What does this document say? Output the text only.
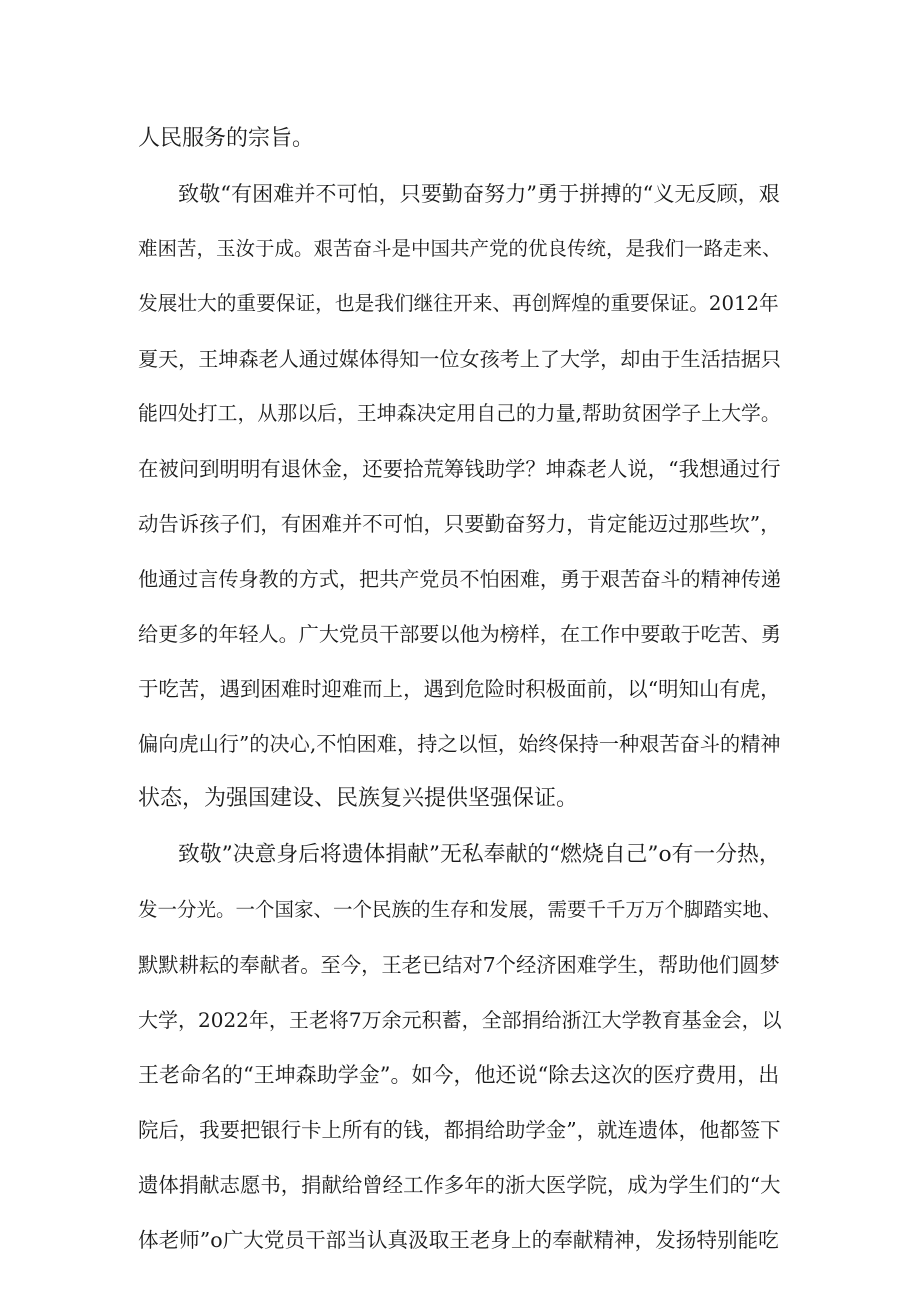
人民服务的宗旨。
致敬“有困难并不可怕，只要勤奋努力”勇于拼搏的“义无反顾，艰
难困苦，玉汝于成。艰苦奋斗是中国共产党的优良传统，是我们一路走来、
发展壮大的重要保证，也是我们继往开来、再创辉煌的重要保证。2012年
夏天，王坤森老人通过媒体得知一位女孩考上了大学，却由于生活拮据只
能四处打工，从那以后，王坤森决定用自己的力量,帮助贫困学子上大学。
在被问到明明有退休金，还要拾荒筹钱助学？坤森老人说，“我想通过行
动告诉孩子们，有困难并不可怕，只要勤奋努力，肯定能迈过那些坎”，
他通过言传身教的方式，把共产党员不怕困难，勇于艰苦奋斗的精神传递
给更多的年轻人。广大党员干部要以他为榜样，在工作中要敢于吃苦、勇
于吃苦，遇到困难时迎难而上，遇到危险时积极面前，以“明知山有虎，
偏向虎山行”的决心,不怕困难，持之以恒，始终保持一种艰苦奋斗的精神
状态，为强国建设、民族复兴提供坚强保证。
致敬”决意身后将遗体捐献”无私奉献的“燃烧自己”o有一分热，
发一分光。一个国家、一个民族的生存和发展，需要千千万万个脚踏实地、
默默耕耘的奉献者。至今，王老已结对7个经济困难学生，帮助他们圆梦
大学，2022年，王老将7万余元积蓄，全部捐给浙江大学教育基金会，以
王老命名的“王坤森助学金”。如今，他还说“除去这次的医疗费用，出
院后，我要把银行卡上所有的钱，都捐给助学金”，就连遗体，他都签下
遗体捐献志愿书，捐献给曾经工作多年的浙大医学院，成为学生们的“大
体老师”o广大党员干部当认真汲取王老身上的奉献精神，发扬特别能吃
